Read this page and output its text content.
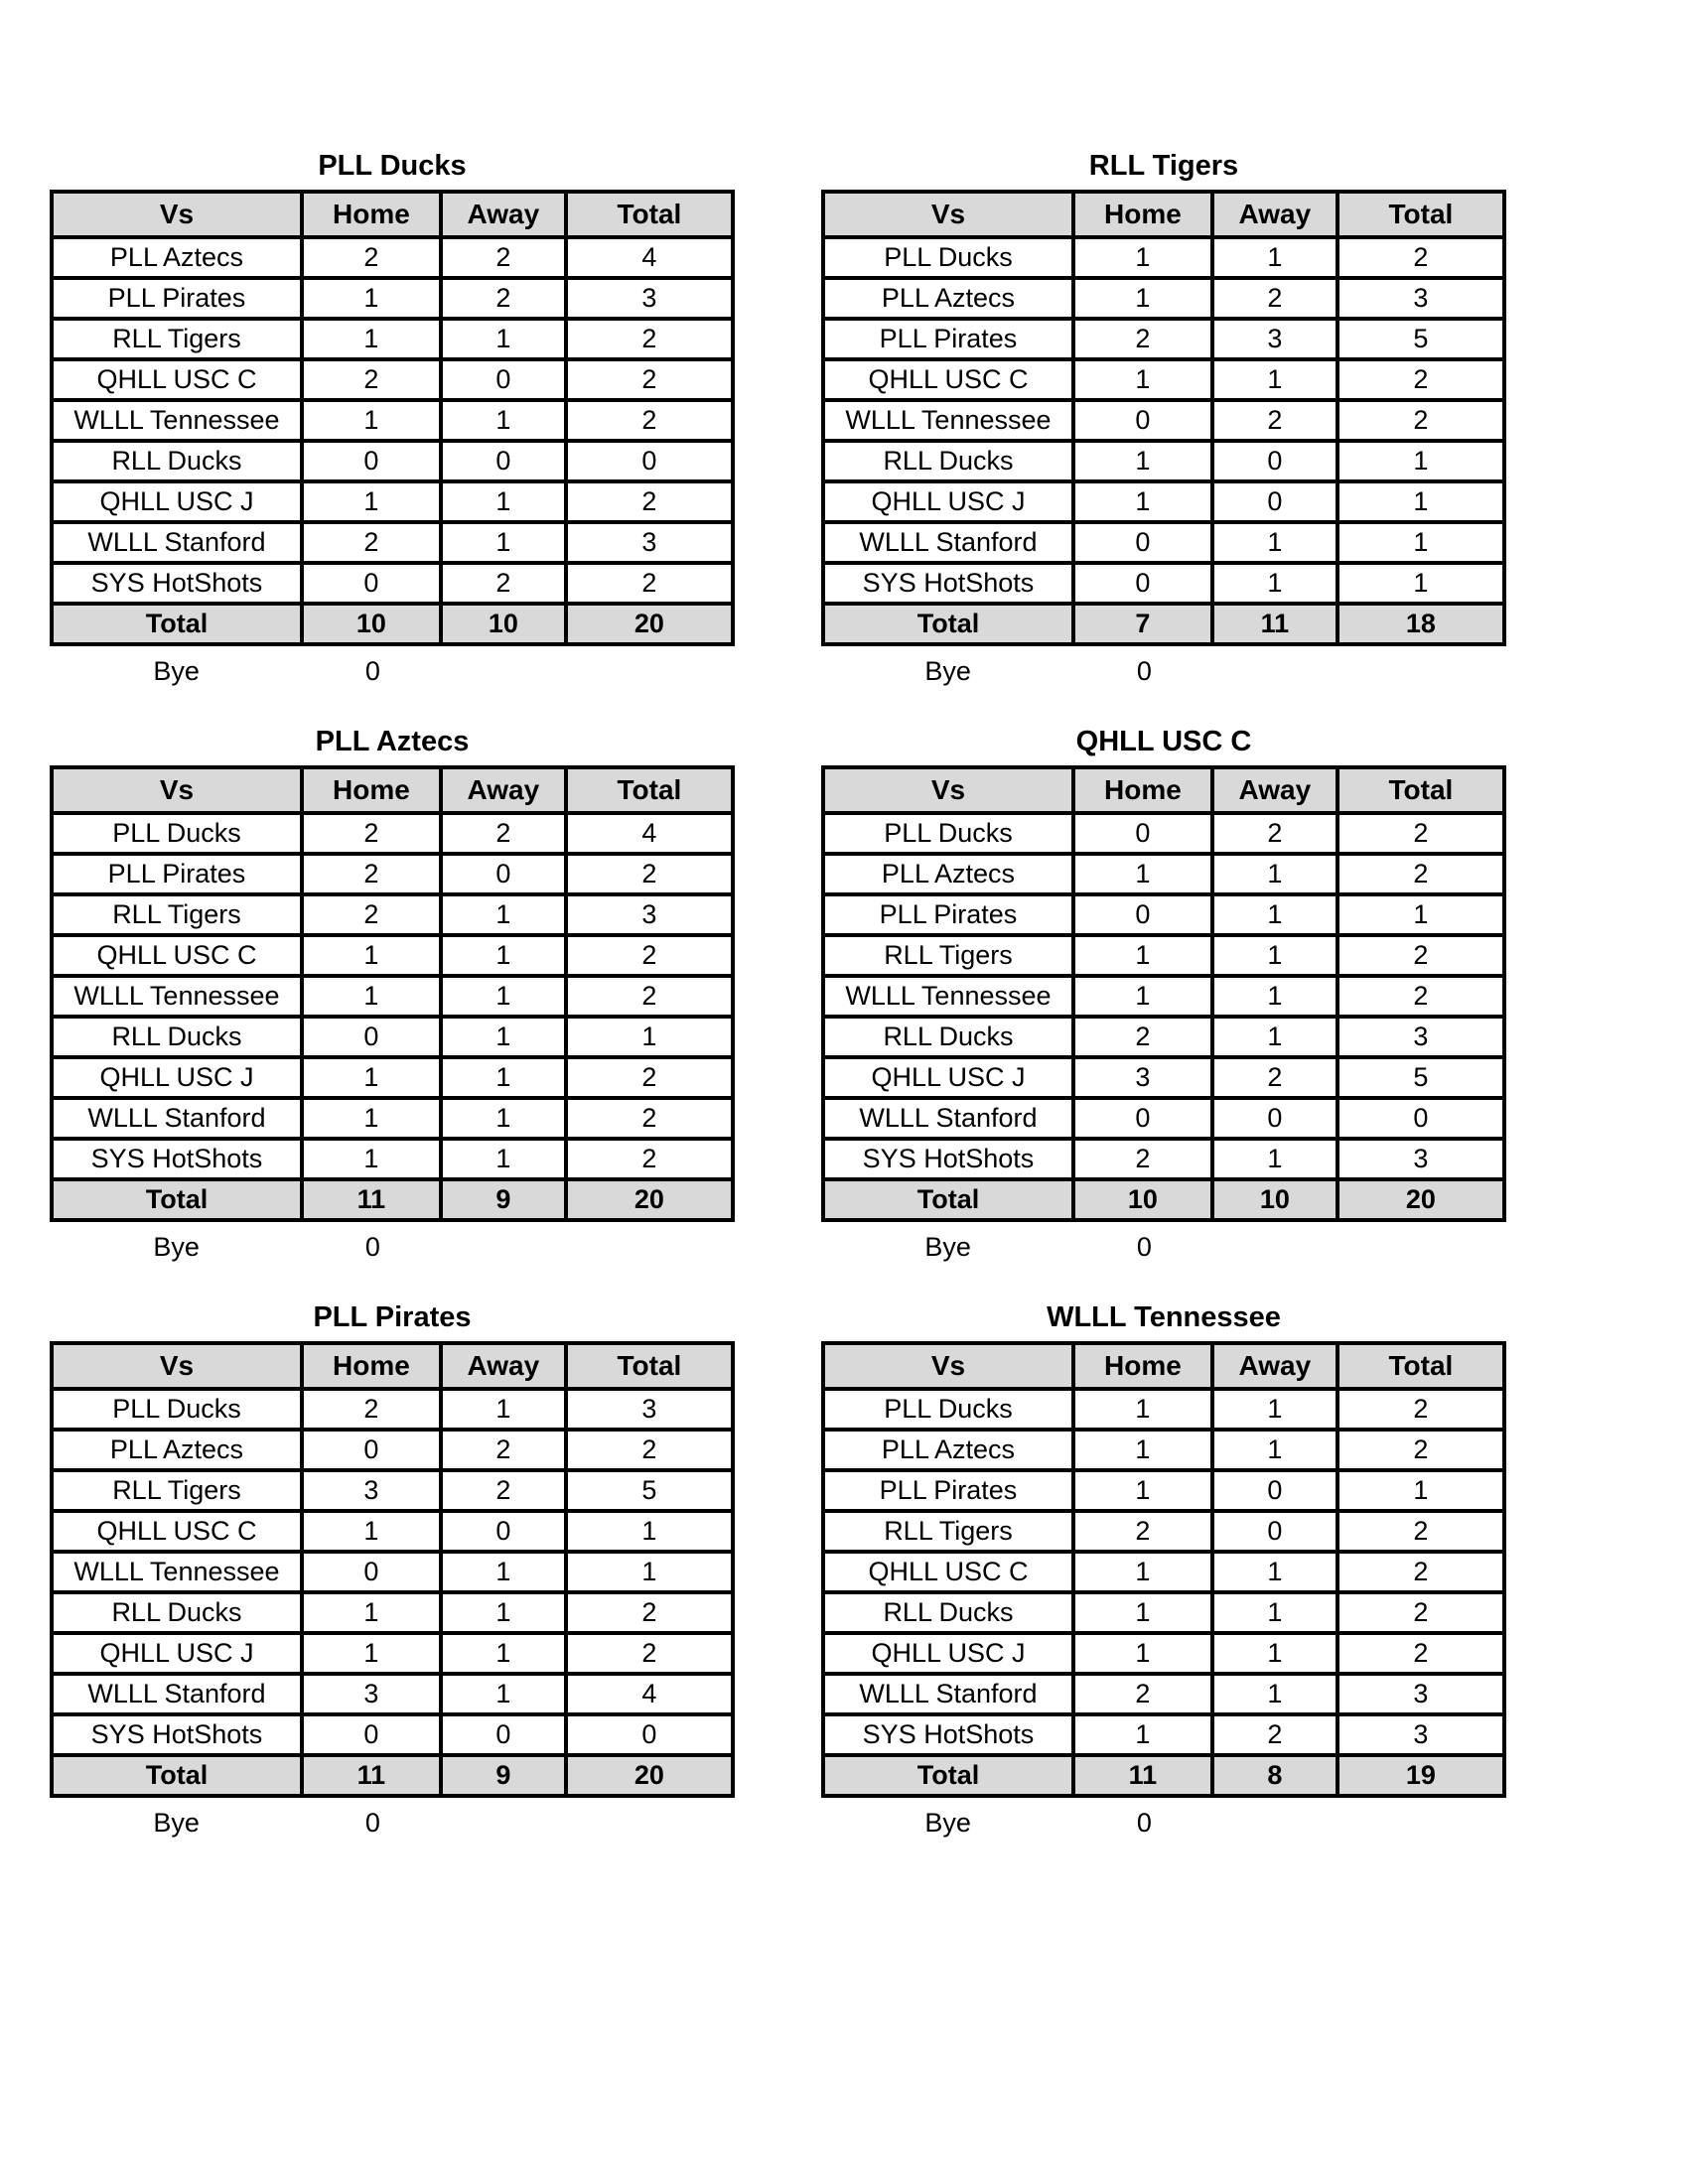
PLL Ducks
Vs	Home	Away	Total
PLL Aztecs	2	2	4
PLL Pirates	1	2	3
RLL Tigers	1	1	2
QHLL USC C	2	0	2
WLLL Tennessee	1	1	2
RLL Ducks	0	0	0
QHLL USC J	1	1	2
WLLL Stanford	2	1	3
SYS HotShots	0	2	2
Total	10	10	20
Bye	0
RLL Tigers
Vs	Home	Away	Total
PLL Ducks	1	1	2
PLL Aztecs	1	2	3
PLL Pirates	2	3	5
QHLL USC C	1	1	2
WLLL Tennessee	0	2	2
RLL Ducks	1	0	1
QHLL USC J	1	0	1
WLLL Stanford	0	1	1
SYS HotShots	0	1	1
Total	7	11	18
Bye	0
PLL Aztecs
Vs	Home	Away	Total
PLL Ducks	2	2	4
PLL Pirates	2	0	2
RLL Tigers	2	1	3
QHLL USC C	1	1	2
WLLL Tennessee	1	1	2
RLL Ducks	0	1	1
QHLL USC J	1	1	2
WLLL Stanford	1	1	2
SYS HotShots	1	1	2
Total	11	9	20
Bye	0
QHLL USC C
Vs	Home	Away	Total
PLL Ducks	0	2	2
PLL Aztecs	1	1	2
PLL Pirates	0	1	1
RLL Tigers	1	1	2
WLLL Tennessee	1	1	2
RLL Ducks	2	1	3
QHLL USC J	3	2	5
WLLL Stanford	0	0	0
SYS HotShots	2	1	3
Total	10	10	20
Bye	0
PLL Pirates
Vs	Home	Away	Total
PLL Ducks	2	1	3
PLL Aztecs	0	2	2
RLL Tigers	3	2	5
QHLL USC C	1	0	1
WLLL Tennessee	0	1	1
RLL Ducks	1	1	2
QHLL USC J	1	1	2
WLLL Stanford	3	1	4
SYS HotShots	0	0	0
Total	11	9	20
Bye	0
WLLL Tennessee
Vs	Home	Away	Total
PLL Ducks	1	1	2
PLL Aztecs	1	1	2
PLL Pirates	1	0	1
RLL Tigers	2	0	2
QHLL USC C	1	1	2
RLL Ducks	1	1	2
QHLL USC J	1	1	2
WLLL Stanford	2	1	3
SYS HotShots	1	2	3
Total	11	8	19
Bye	0
